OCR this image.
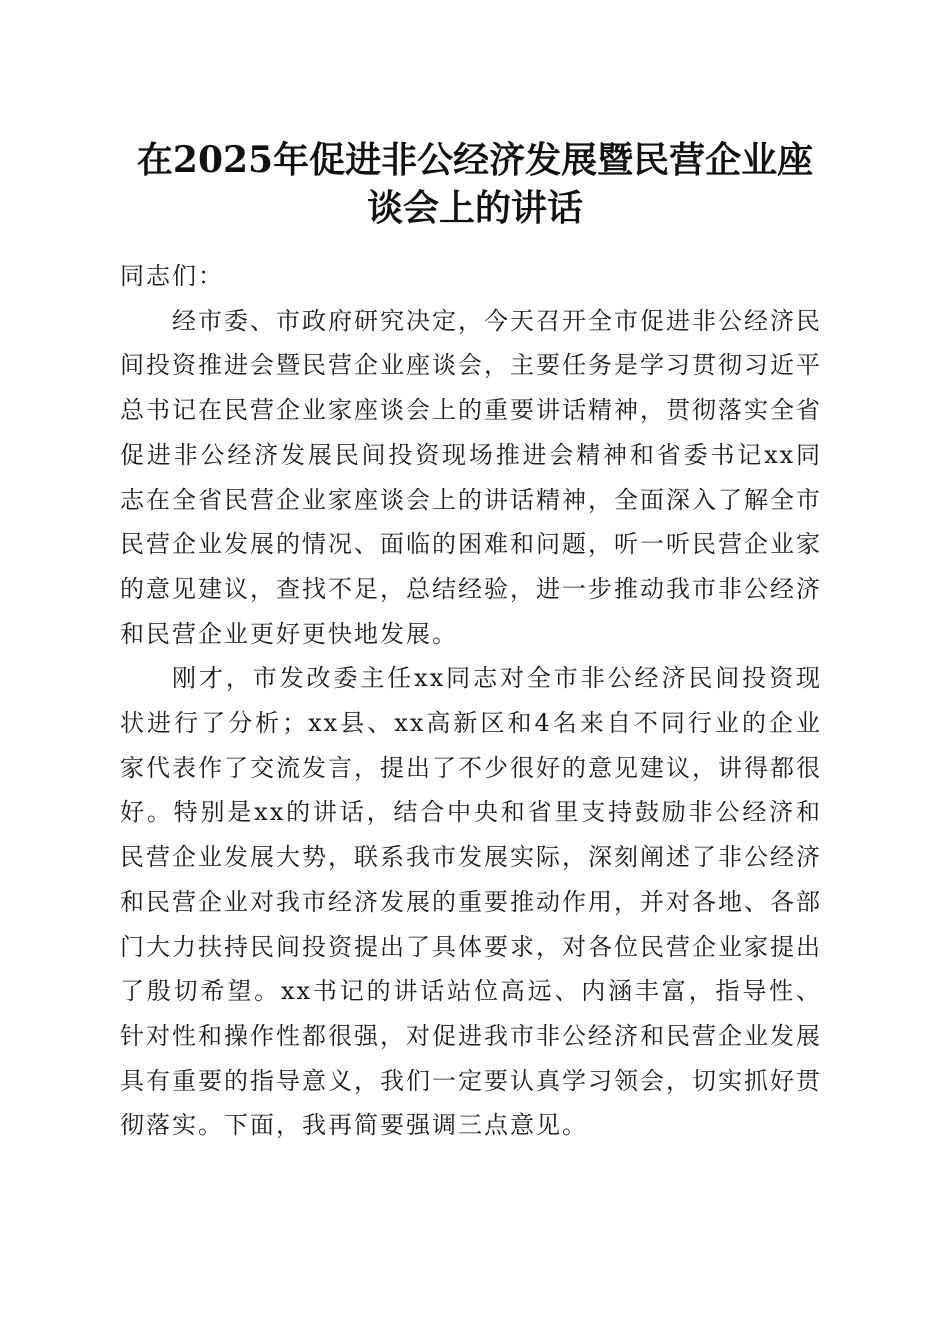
在2025年促进非公经济发展暨民营企业座谈会上的讲话

同志们：

经市委、市政府研究决定，今天召开全市促进非公经济民间投资推进会暨民营企业座谈会，主要任务是学习贯彻习近平总书记在民营企业家座谈会上的重要讲话精神，贯彻落实全省促进非公经济发展民间投资现场推进会精神和省委书记xx同志在全省民营企业家座谈会上的讲话精神，全面深入了解全市民营企业发展的情况、面临的困难和问题，听一听民营企业家的意见建议，查找不足，总结经验，进一步推动我市非公经济和民营企业更好更快地发展。

刚才，市发改委主任xx同志对全市非公经济民间投资现状进行了分析；xx县、xx高新区和4名来自不同行业的企业家代表作了交流发言，提出了不少很好的意见建议，讲得都很好。特别是xx的讲话，结合中央和省里支持鼓励非公经济和民营企业发展大势，联系我市发展实际，深刻阐述了非公经济和民营企业对我市经济发展的重要推动作用，并对各地、各部门大力扶持民间投资提出了具体要求，对各位民营企业家提出了殷切希望。xx书记的讲话站位高远、内涵丰富，指导性、针对性和操作性都很强，对促进我市非公经济和民营企业发展具有重要的指导意义，我们一定要认真学习领会，切实抓好贯彻落实。下面，我再简要强调三点意见。
